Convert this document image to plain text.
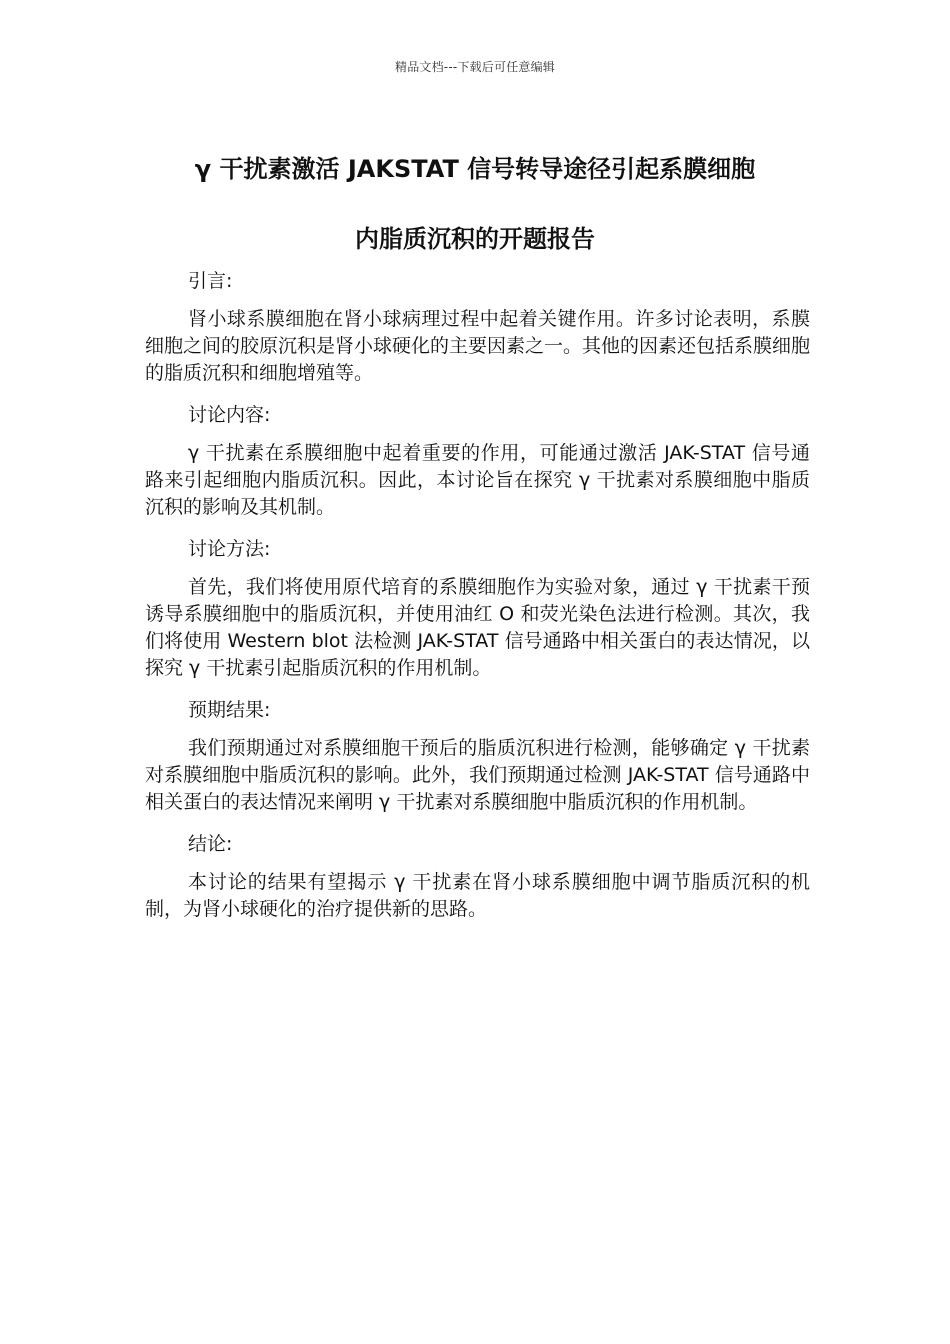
精品文档---下载后可任意编辑
γ 干扰素激活 JAKSTAT 信号转导途径引起系膜细胞
内脂质沉积的开题报告

引言:

肾小球系膜细胞在肾小球病理过程中起着关键作用。许多讨论表明，系膜细胞之间的胶原沉积是肾小球硬化的主要因素之一。其他的因素还包括系膜细胞的脂质沉积和细胞增殖等。

讨论内容:

γ 干扰素在系膜细胞中起着重要的作用，可能通过激活 JAK-STAT 信号通路来引起细胞内脂质沉积。因此，本讨论旨在探究 γ 干扰素对系膜细胞中脂质沉积的影响及其机制。

讨论方法:

首先，我们将使用原代培育的系膜细胞作为实验对象，通过 γ 干扰素干预诱导系膜细胞中的脂质沉积，并使用油红 O 和荧光染色法进行检测。其次，我们将使用 Western blot 法检测 JAK-STAT 信号通路中相关蛋白的表达情况，以探究 γ 干扰素引起脂质沉积的作用机制。

预期结果:

我们预期通过对系膜细胞干预后的脂质沉积进行检测，能够确定 γ 干扰素对系膜细胞中脂质沉积的影响。此外，我们预期通过检测 JAK-STAT 信号通路中相关蛋白的表达情况来阐明 γ 干扰素对系膜细胞中脂质沉积的作用机制。

结论:

本讨论的结果有望揭示 γ 干扰素在肾小球系膜细胞中调节脂质沉积的机制，为肾小球硬化的治疗提供新的思路。
